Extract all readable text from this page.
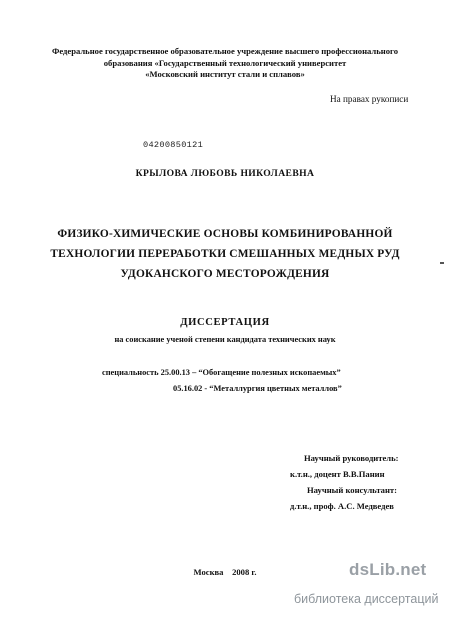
Федеральное государственное образовательное учреждение высшего профессионального
образования «Государственный технологический университет
«Московский институт стали и сплавов»
На правах рукописи
04200850121
КРЫЛОВА ЛЮБОВЬ НИКОЛАЕВНА
ФИЗИКО-ХИМИЧЕСКИЕ ОСНОВЫ КОМБИНИРОВАННОЙ
ТЕХНОЛОГИИ ПЕРЕРАБОТКИ СМЕШАННЫХ МЕДНЫХ РУД
УДОКАНСКОГО МЕСТОРОЖДЕНИЯ
ДИССЕРТАЦИЯ
на соискание ученой степени кандидата технических наук
специальность 25.00.13 – “Обогащение полезных ископаемых”
05.16.02 - “Металлургия цветных металлов”
Научный руководитель:
к.т.н., доцент В.В.Панин
Научный консультант:
д.т.н., проф. А.С. Медведев
Москва    2008 г.	dsLib.net
библиотека диссертаций
